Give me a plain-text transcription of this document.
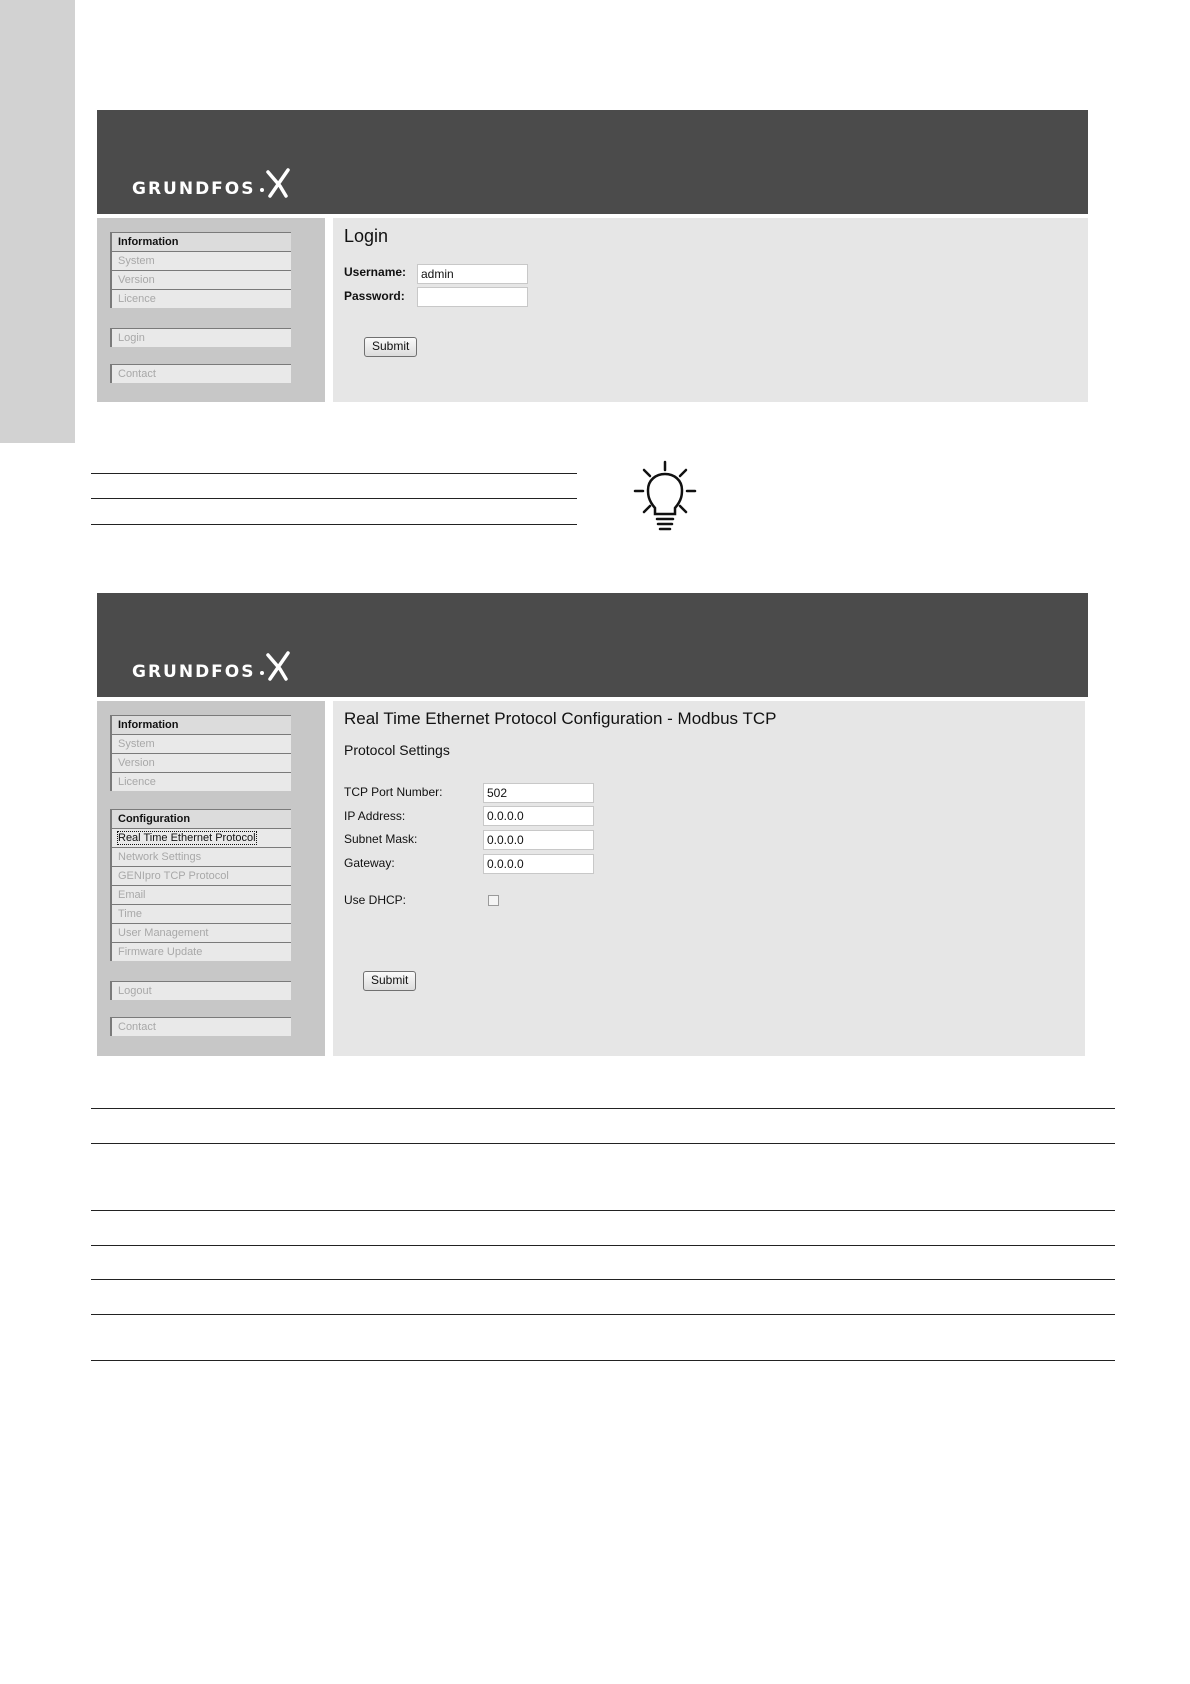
GRUNDFOS
Information
System
Version
Licence
Login
Contact
Login
Username:	admin
Password:
Submit
GRUNDFOS
Information
System
Version
Licence
Configuration
Real Time Ethernet Protocol
Network Settings
GENIpro TCP Protocol
Email
Time
User Management
Firmware Update
Logout
Contact
Real Time Ethernet Protocol Configuration - Modbus TCP
Protocol Settings
TCP Port Number:	502
IP Address:	0.0.0.0
Subnet Mask:	0.0.0.0
Gateway:	0.0.0.0
Use DHCP:
Submit
